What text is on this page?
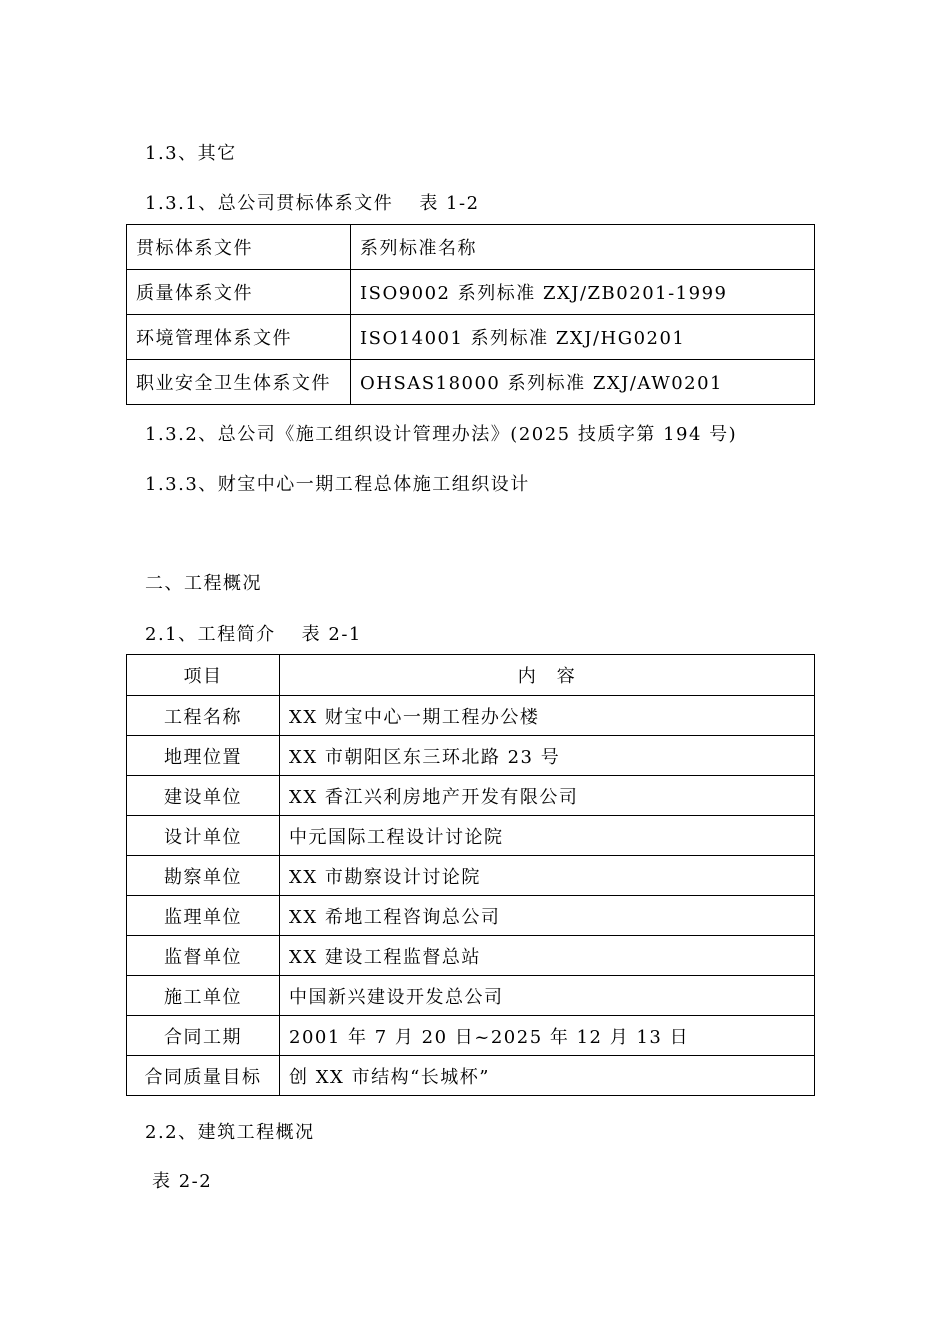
1.3、其它
1.3.1、总公司贯标体系文件 表 1-2
贯标体系文件	系列标准名称
质量体系文件	ISO9002 系列标准 ZXJ/ZB0201-1999
环境管理体系文件	ISO14001 系列标准 ZXJ/HG0201
职业安全卫生体系文件	OHSAS18000 系列标准 ZXJ/AW0201
1.3.2、总公司《施工组织设计管理办法》(2025 技质字第 194 号)
1.3.3、财宝中心一期工程总体施工组织设计
二、工程概况
2.1、工程简介 表 2-1
项目	内　容
工程名称	XX 财宝中心一期工程办公楼
地理位置	XX 市朝阳区东三环北路 23 号
建设单位	XX 香江兴利房地产开发有限公司
设计单位	中元国际工程设计讨论院
勘察单位	XX 市勘察设计讨论院
监理单位	XX 希地工程咨询总公司
监督单位	XX 建设工程监督总站
施工单位	中国新兴建设开发总公司
合同工期	2001 年 7 月 20 日~2025 年 12 月 13 日
合同质量目标	创 XX 市结构“长城杯”
2.2、建筑工程概况
表 2-2
